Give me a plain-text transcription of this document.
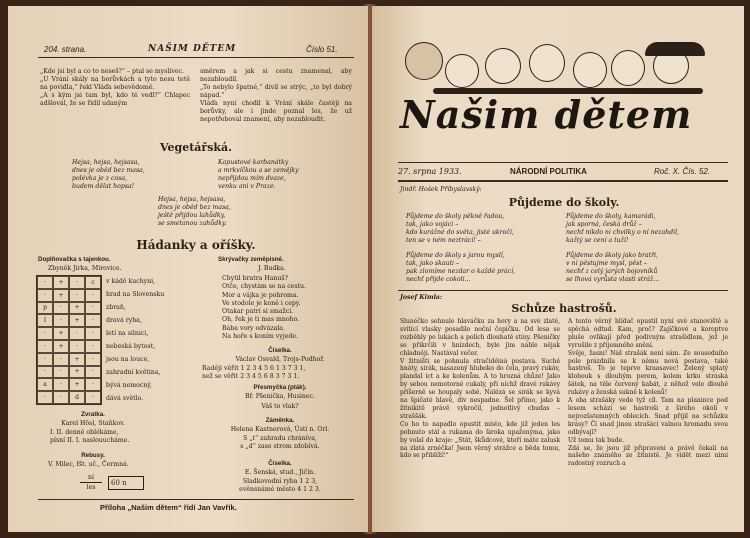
204. strana.	NAŠIM DĚTEM	Číslo 51.
„Kde jsi byl a co to neseš?“ – ptal se myslivec.
„U Vrání skály na borůvkách a tyto nesu tetě na povidla,“ řekl Vláďa sebevědomě.
„A s kým jsi tam byl, kdo tě vedl?“ Chlapec adšlovál, že se řídil udaným
směrem a jak si cestu znamenal, aby nezabloudil.
„To nebylo špatné,“ divil se strýc, „to byl dobrý nápad.“
Vláďa nyní chodil k Vrání skále častěji na borůvky, ale i jinde poznal les, že už nepotřeboval znamení, aby nezabloudit.
Vegetářská.
Hejsa, hejsa, hejsasa,
dnes je oběd bez masa,
polévka je z cosa,
budem dělat hopsa!
Kapustové karbanátky
a mrkvíčkou a se zemějky
nepřijdou mím dvaze,
venku ani v Praze.
Hejsa, hejsa, hejsasa,
dnes je oběd bez masa,
ještě přijdou lahůdky,
se smetanou zahůdky.
Hádanky a oříšky.
Doplňovačka s tajenkou.
Zbyněk Jirka, Mirovice.
·	+	·	c
·	+	·	·
p	·	+	·
l	·	+	·
·	+	·	·
·	+	·	·
·	·	+	·
·	·	+	·
a	·	+	·
·	·	d	·
v kádě kuchyni,
hrad na Slovensku
zbraň,
dravá ryba,
letí na silnici,
nebeská bytost,
jsou na louce,
zahradní květina,
bývá nemocný,
dává světlo.
Zvratka.
Karel Hösl, Staňkov.
I. II. denně oblékáme,
písní II. I. naslouucháme.
Rebusy.
V. Milec, fšt. uč., Čermná.
ní
les
60 n
Skrývačky zeměpisné.
J. Budka.
Chytil bratra Hanuš?
Otče, chystám se na cestu.
Mor a vájka je pohroma.
Ve stodole je koně i cepy.
Otakar patrí si smažci.
Oh, řek je ti mas mnoho.
Bába vory odvázala.
Na hoře s koním vyjede.
Číselka.
Václav Osvald, Trojs-Podhoř.
Raději věřit 1 2 3 4 5 6 1 3 7 3 1,
než se věřit 2 3 4 5 6 8 3 7 3 1.
Přesmyčka (pták).
Bř. Pšenička, Husinec.
Váš to vlak?
Záměnka.
Helena Kastnerová, Ústí n. Orl.
S „t“ zahradu chráníva,
s „d“ zase strom zdobívá.
Číselka.
E. Šenská, stud., Jičín.
Sladkovodní ryba 1 2 3,
evěnsnámé město 4 1 2 3.
Příloha „Našim dětem“ řídí Jan Vavřík.
Našim dětem
27. srpna 1933.	NÁRODNÍ POLITIKA	Roč. X. Čís. 52.
Jindř. Hošek Příbyslavský:
Půjdeme do školy.
Půjdeme do školy pěkně řadou,
tak, jako vojáci –
kdo kurážné do světa, jisté ukročí,
ten se v ném neztrácí! –
Půjdeme do školy, kamarádi,
jak sporná, česká drůž –
nechť nikdo ni chvilky o ní nezahdil,
kažtý se cení a tuží!
Půjdeme do školy s jarou myslí,
tak, jako skauti –
pak zlomíme nezdar o každé prácí,
nechť přijde cokoli...
Půjdeme do školy jako bratři,
v ní pěstujme mysl, pěst –
nechť z celý jarých bojovníků
se lhová vyrůsta vlasti stráž...
Josef Kimla:
Schůze hastrošů.
Slunéčko sehnule hlaváčku za hory a na své zlaté, svítící vlasky posadilo noční čepičku. Od lesa se rozběhly po lukách a polích dlouhatě stíny. Pšeničky se přikrčili v hnízdech, byle jim náhle nějak chladněji. Nastával večer.
V žitništi se pohnula stračidéiná postava. Suché hnáty, sirák, nasazený hluboko do čela, pravý rukáv, plandal ict a ke kolenům. A to hrozná chůze! Jako by sebou nemotorné cukaly, při níchž dravé rukávy příšerně se houpaly sobě. Nalézá se sirák se kyvá na špičaté hlavě, div nespadne. Šel přímo, jako k žitnikitě právě vykročil, jednotlivý chudas – straššák.
Co ho to napadlo opustit místo, kde již jeden les pohnuto stál a rukama do široka upaženýma, jako by volal do kraje: „Stát, škůdcové, kteří máte zalusk na zlatá zrnéčka! Jsem věrný strážce a běda tomu, kdo se přiblíží!“
A tento věrný hlídač opustil nyní své stanoviště a spěchá odtud. Kam, proč? Zajíčkové a koroptve pluše ovlikají před podivným strašidlem, jež je vyrušile z přijemného snění.
Svěje, žasni! Náš strašák není sám. Ze sousedního pole prázdnila se k němu nová postava, také hastroš. To je teprve kraasavec! Zelený splatý klobouk s dlouhým perem, kolem krku stráská šátek, na těle červený kabát, z něhož vele dlouhé rukávy a ženská sukně k kolenů!
A oba strašáky vede tyž cíl. Tam na planince pod lesem schází se hastroši z širého okolí v nejrozšstemných oblecích. Snad přijil na schůzku krásy? Čí snad jinou strašáci valnou hromadu svou odbývají?
Už tomu tak bude.
Zdá se, že jsou již připraveni a právě čekali na našeho známého ze žitnistě. Je vidět mezi nimi radostný rozruch a
